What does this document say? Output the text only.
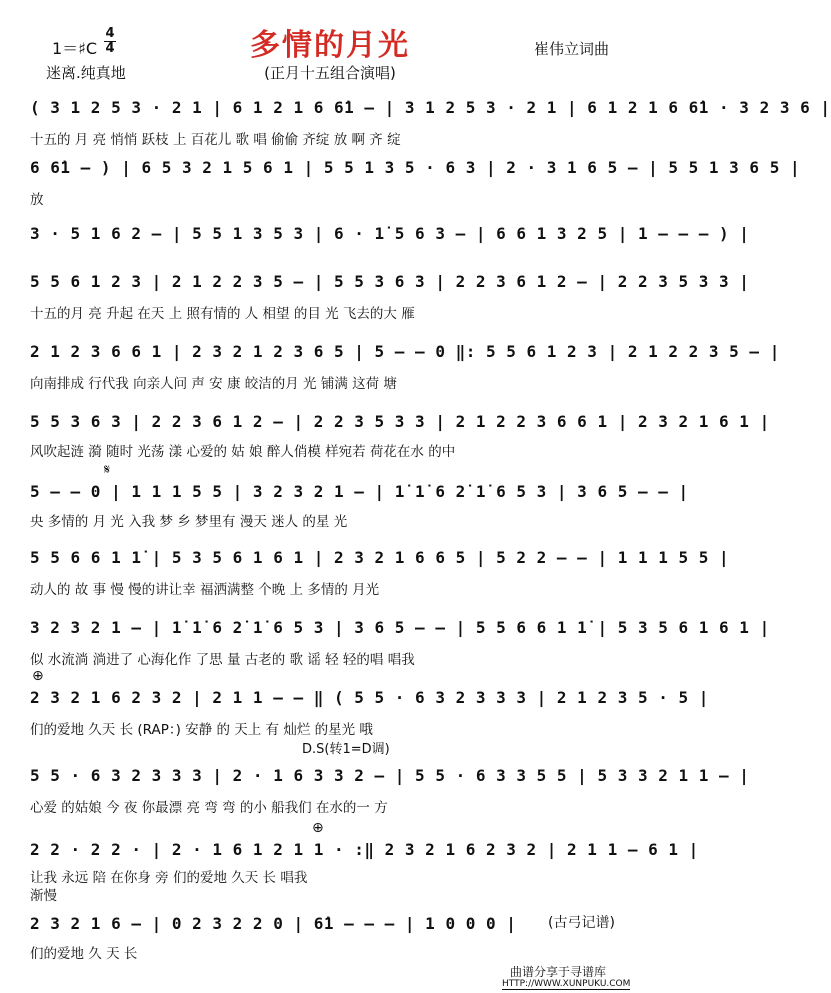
多情的月光
1＝♯C
4
4
迷离.纯真地	(正月十五组合演唱)
崔伟立词曲
( 3 1 2 5 3 · 2 1 | 6 1 2 1 6 6̇1 – | 3 1 2 5 3 · 2 1 | 6 1 2 1 6 6̇1 · 3 2 3 6 |
十五的 月 亮 悄悄 跃枝 上 百花儿 歌 唱 偷偷 齐绽 放 啊 齐 绽
6 6̇1 – ) | 6 5 3 2 1 5 6 1 | 5 5 1 3 5 · 6 3 | 2 · 3 1 6 5 – | 5 5 1 3 6 5 |
放
3 · 5 1 6 2 – | 5 5 1 3 5 3 | 6 · 1̇ 5 6 3 – | 6 6 1 3 2 5 | 1 – – – ) |
5 5 6 1 2 3 | 2 1 2 2 3 5 – | 5 5 3 6 3 | 2 2 3 6 1 2 – | 2 2 3 5 3 3 |
十五的月 亮 升起 在天 上 照有情的 人 相望 的目 光 飞去的大 雁
2 1 2 3 6 6 1 | 2 3 2 1 2 3 6 5 | 5 – – 0 ‖: 5 5 6 1 2 3 | 2 1 2 2 3 5 – |
向南排成 行代我 向亲人问 声 安 康 皎洁的月 光 铺满 这荷 塘
5 5 3 6 3 | 2 2 3 6 1 2 – | 2 2 3 5 3 3 | 2 1 2 2 3 6 6 1 | 2 3 2 1 6 1 |
风吹起涟 漪 随时 光荡 漾 心爱的 姑 娘 醉人俏模 样宛若 荷花在水 的中
𝄋
5 – – 0 | 1 1 1 5 5 | 3 2 3 2 1 – | 1̇ 1̇ 6 2̇ 1̇ 6 5 3 | 3 6 5 – – |
央 多情的 月 光 入我 梦 乡 梦里有 漫天 迷人 的星 光
5 5 6 6 1 1̇ | 5 3 5 6 1 6 1 | 2 3 2 1 6 6 5 | 5 2 2 – – | 1 1 1 5 5 |
动人的 故 事 慢 慢的讲让幸 福洒满整 个晚 上 多情的 月光
3 2 3 2 1 – | 1̇ 1̇ 6 2̇ 1̇ 6 5 3 | 3 6 5 – – | 5 5 6 6 1 1̇ | 5 3 5 6 1 6 1 |
似 水流淌 淌进了 心海化作 了思 量 古老的 歌 谣 轻 轻的唱 唱我
⊕
2 3 2 1 6 2 3 2 | 2 1 1 – – ‖ ( 5 5 · 6 3 2 3 3 3 | 2 1 2 3 5 · 5 |
们的爱地 久天 长 (RAP：) 安静 的 天上 有 灿烂 的星光 哦
D.S(转1=D调)
5 5 · 6 3 2 3 3 3 | 2 · 1 6 3 3 2 – | 5 5 · 6 3 3 5 5 | 5 3 3 2 1 1 – |
心爱 的姑娘 今 夜 你最漂 亮 弯 弯 的小 船我们 在水的一 方
⊕
2 2 · 2 2 · | 2 · 1 6 1 2 1 1 · :‖ 2 3 2 1 6 2 3 2 | 2 1 1 – 6 1 |
让我 永远 陪 在你身 旁 们的爱地 久天 长 唱我
渐慢
2 3 2 1 6 – | 0 2 3 2 2 0 | 6̇1 – – – | 1 0 0 0 |
们的爱地 久 天 长
(古弓记谱)
曲谱分享于寻谱库
HTTP://WWW.XUNPUKU.COM
